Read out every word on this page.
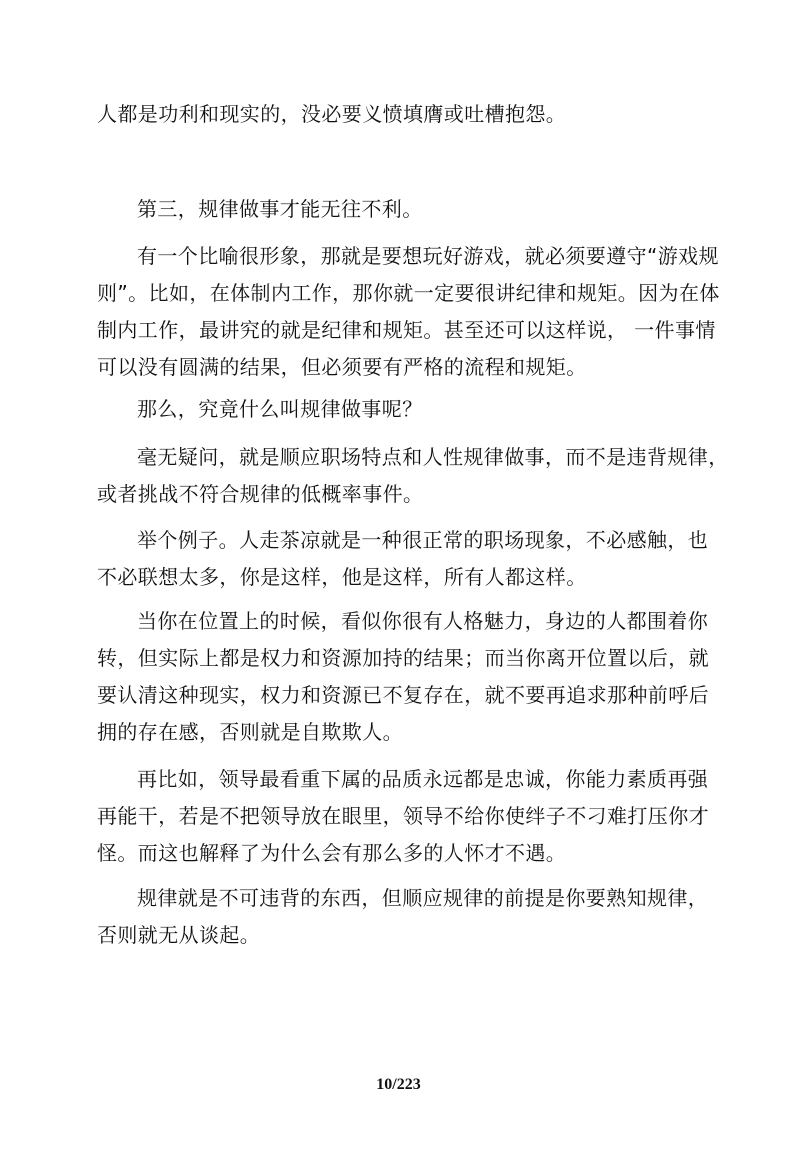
人都是功利和现实的，没必要义愤填膺或吐槽抱怨。

第三，规律做事才能无往不利。

有一个比喻很形象，那就是要想玩好游戏，就必须要遵守“游戏规
则”。比如，在体制内工作，那你就一定要很讲纪律和规矩。因为在体
制内工作，最讲究的就是纪律和规矩。甚至还可以这样说， 一件事情
可以没有圆满的结果，但必须要有严格的流程和规矩。

那么，究竟什么叫规律做事呢？

毫无疑问，就是顺应职场特点和人性规律做事，而不是违背规律，
或者挑战不符合规律的低概率事件。

举个例子。人走茶凉就是一种很正常的职场现象，不必感触，也
不必联想太多，你是这样，他是这样，所有人都这样。

当你在位置上的时候，看似你很有人格魅力，身边的人都围着你
转，但实际上都是权力和资源加持的结果；而当你离开位置以后，就
要认清这种现实，权力和资源已不复存在，就不要再追求那种前呼后
拥的存在感，否则就是自欺欺人。

再比如，领导最看重下属的品质永远都是忠诚，你能力素质再强
再能干，若是不把领导放在眼里，领导不给你使绊子不刁难打压你才
怪。而这也解释了为什么会有那么多的人怀才不遇。

规律就是不可违背的东西，但顺应规律的前提是你要熟知规律，
否则就无从谈起。

10/223
